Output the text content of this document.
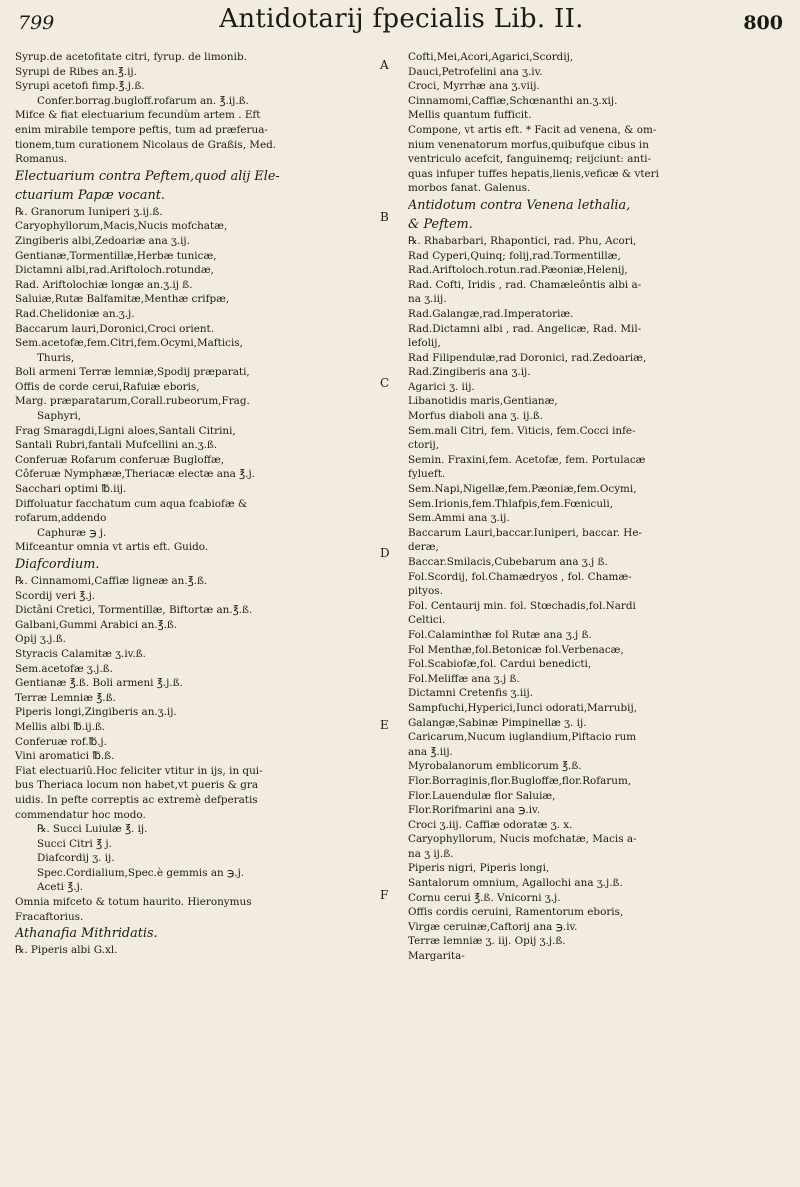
799	Antidotarij fpecialis Lib. II.	800
Syrup.de acetofitate citri, fyrup. de limonib.
Syrupi de Ribes an.℥.ij.
Syrupi acetofi fimp.℥.j.ß.
Confer.borrag.bugloff.rofarum an. ℥.ij.ß.
Mifce & fiat electuarium fecundùm artem . Eft
enim mirabile tempore peftis, tum ad præferua-
tionem,tum curationem Nicolaus de Graßis, Med.
Romanus.
Electuarium contra Peftem,quod alij Ele-
ctuarium Papæ vocant.
℞. Granorum Iuniperi ʒ.ij.ß.
Caryophyllorum,Macis,Nucis mofchatæ,
Zingiberis albi,Zedoariæ ana ʒ.ij.
Gentianæ,Tormentillæ,Herbæ tunicæ,
Dictamni albi,rad.Ariftoloch.rotundæ,
Rad. Ariftolochiæ longæ an.ʒ.ij ß.
Saluiæ,Rutæ Balfamitæ,Menthæ crifpæ,
Rad.Chelidoniæ an.ʒ.j.
Baccarum lauri,Doronici,Croci orient.
Sem.acetofæ,fem.Citri,fem.Ocymi,Mafticis,
Thuris,
Boli armeni Terræ lemniæ,Spodij præparati,
Offis de corde cerui,Rafuiæ eboris,
Marg. præparatarum,Corall.rubeorum,Frag.
Saphyri,
Frag Smaragdi,Ligni aloes,Santali Citrini,
Santali Rubri,fantali Mufcellini an.ʒ.ß.
Conferuæ Rofarum conferuæ Bugloffæ,
Côferuæ Nymphææ,Theriacæ electæ ana ℥.j.
Sacchari optimi ℔.iij.
Diffoluatur facchatum cum aqua fcabiofæ &
rofarum,addendo
Caphuræ ℈ j.
Mifceantur omnia vt artis eft. Guido.
Diafcordium.
℞. Cinnamomi,Caffiæ ligneæ an.℥.ß.
Scordij veri ℥.j.
Dictâni Cretici, Tormentillæ, Biftortæ an.℥.ß.
Galbani,Gummi Arabici an.℥.ß.
Opij ʒ.j.ß.
Styracis Calamitæ ʒ.iv.ß.
Sem.acetofæ ʒ.j.ß.
Gentianæ ℥.ß. Boli armeni ℥.j.ß.
Terræ Lemniæ ℥.ß.
Piperis longi,Zingiberis an.ʒ.ij.
Mellis albi ℔.ij.ß.
Conferuæ rof.℔.j.
Vini aromatici ℔.ß.
Fiat electuariû.Hoc feliciter vtitur in ijs, in qui-
bus Theriaca locum non habet,vt pueris & gra
uidis. In pefte correptis ac extremè defperatis
commendatur hoc modo.
℞. Succi Luiulæ ℥. ij.
Succi Citri ℥ j.
Diafcordij ʒ. ij.
Spec.Cordialium,Spec.è gemmis an ℈.j.
Aceti ℥.j.
Omnia mifceto & totum haurito. Hieronymus
Fracaftorius.
Athanafia Mithridatis.
℞. Piperis albi G.xl.
Cofti,Mei,Acori,Agarici,Scordij,
Dauci,Petrofelini ana ʒ.iv.
Croci, Myrrhæ ana ʒ.viij.
Cinnamomi,Caffiæ,Schœnanthi an.ʒ.xij.
Mellis quantum fufficit.
Compone, vt artis eft. * Facit ad venena, & om-
nium venenatorum morfus,quibufque cibus in
ventriculo acefcit, fanguinemq; reijciunt: anti-
quas infuper tuffes hepatis,lienis,veficæ & vteri
morbos fanat. Galenus.
Antidotum contra Venena lethalia,
& Peftem.
℞. Rhabarbari, Rhapontici, rad. Phu, Acori,
Rad Cyperi,Quinq; folij,rad.Tormentillæ,
Rad.Ariftoloch.rotun.rad.Pæoniæ,Helenij,
Rad. Cofti, Iridis , rad. Chamæleôntis albi a-
na ʒ.iij.
Rad.Galangæ,rad.Imperatoriæ.
Rad.Dictamni albi , rad. Angelicæ, Rad. Mil-
lefolij,
Rad Filipendulæ,rad Doronici, rad.Zedoariæ,
Rad.Zingiberis ana ʒ.ij.
Agarici ʒ. iij.
Libanotidis maris,Gentianæ,
Morfus diaboli ana ʒ. ij.ß.
Sem.mali Citri, fem. Viticis, fem.Cocci infe-
ctorij,
Semin. Fraxini,fem. Acetofæ, fem. Portulacæ
fylueft.
Sem.Napi,Nigellæ,fem.Pæoniæ,fem.Ocymi,
Sem.Irionis,fem.Thlafpis,fem.Fœniculi,
Sem.Ammi ana ʒ.ij.
Baccarum Lauri,baccar.Iuniperi, baccar. He-
deræ,
Baccar.Smilacis,Cubebarum ana ʒ.j ß.
Fol.Scordij, fol.Chamædryos , fol. Chamæ-
pityos.
Fol. Centaurij min. fol. Stœchadis,fol.Nardi
Celtici.
Fol.Calaminthæ fol Rutæ ana ʒ.j ß.
Fol Menthæ,fol.Betonicæ fol.Verbenacæ,
Fol.Scabiofæ,fol. Cardui benedicti,
Fol.Meliffæ ana ʒ.j ß.
Dictamni Cretenfis ʒ.iij.
Sampfuchi,Hyperici,Iunci odorati,Marrubij,
Galangæ,Sabinæ Pimpinellæ ʒ. ij.
Caricarum,Nucum iuglandium,Piftacio rum
ana ℥.iij.
Myrobalanorum emblicorum ℥.ß.
Flor.Borraginis,flor.Bugloffæ,flor.Rofarum,
Flor.Lauendulæ flor Saluiæ,
Flor.Rorifmarini ana ℈.iv.
Croci ʒ.iij. Caffiæ odoratæ ʒ. x.
Caryophyllorum, Nucis mofchatæ, Macis a-
na ʒ ij.ß.
Piperis nigri, Piperis longi,
Santalorum omnium, Agallochi ana ʒ.j.ß.
Cornu cerui ℥.ß. Vnicorni ʒ.j.
Offis cordis ceruini, Ramentorum eboris,
Virgæ ceruinæ,Caftorij ana ℈.iv.
Terræ lemniæ ʒ. iij. Opij ʒ.j.ß.
Margarita-
A
B
C
D
E
F
